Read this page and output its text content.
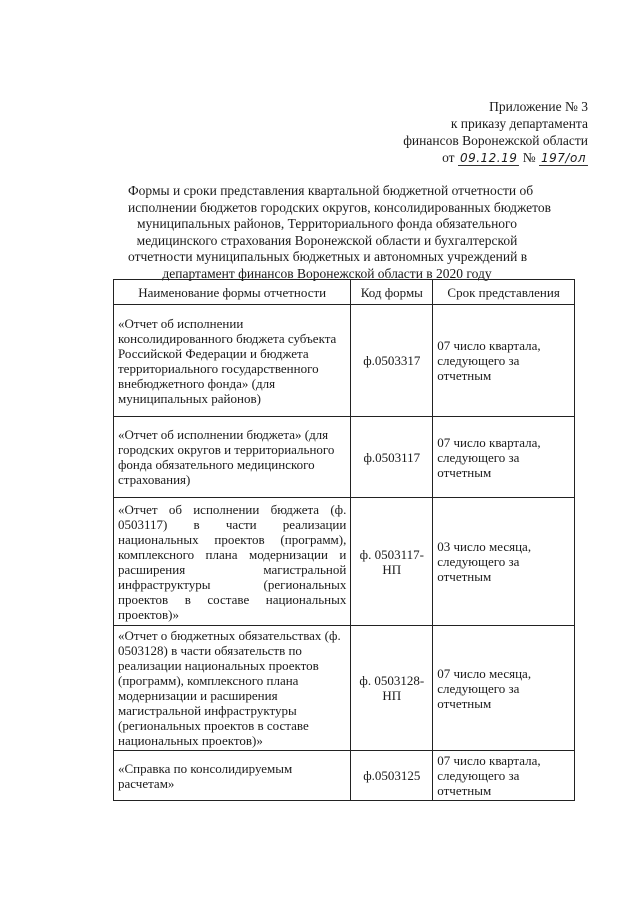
Приложение № 3
к приказу департамента
финансов Воронежской области
от 09.12.19 № 197/ол
Формы и сроки представления квартальной бюджетной отчетности об
исполнении бюджетов городских округов, консолидированных бюджетов
муниципальных районов, Территориального фонда обязательного
медицинского страхования Воронежской области и бухгалтерской
отчетности муниципальных бюджетных и автономных учреждений в
департамент финансов Воронежской области в 2020 году
Наименование формы отчетности	Код формы	Срок представления
«Отчет об исполнении консолидированного бюджета субъекта Российской Федерации и бюджета территориального государственного внебюджетного фонда» (для муниципальных районов)	ф.0503317	07 число квартала, следующего за отчетным
«Отчет об исполнении бюджета» (для городских округов и территориального фонда обязательного медицинского страхования)	ф.0503117	07 число квартала, следующего за отчетным
«Отчет об исполнении бюджета (ф. 0503117) в части реализации национальных проектов (программ), комплексного плана модернизации и расширения магистральной инфраструктуры (региональных проектов в составе национальных проектов)»	ф. 0503117-НП	03 число месяца, следующего за отчетным
«Отчет о бюджетных обязательствах (ф. 0503128) в части обязательств по реализации национальных проектов (программ), комплексного плана модернизации и расширения магистральной инфраструктуры (региональных проектов в составе национальных проектов)»	ф. 0503128-НП	07 число месяца, следующего за отчетным
«Справка по консолидируемым расчетам»	ф.0503125	07 число квартала, следующего за отчетным
